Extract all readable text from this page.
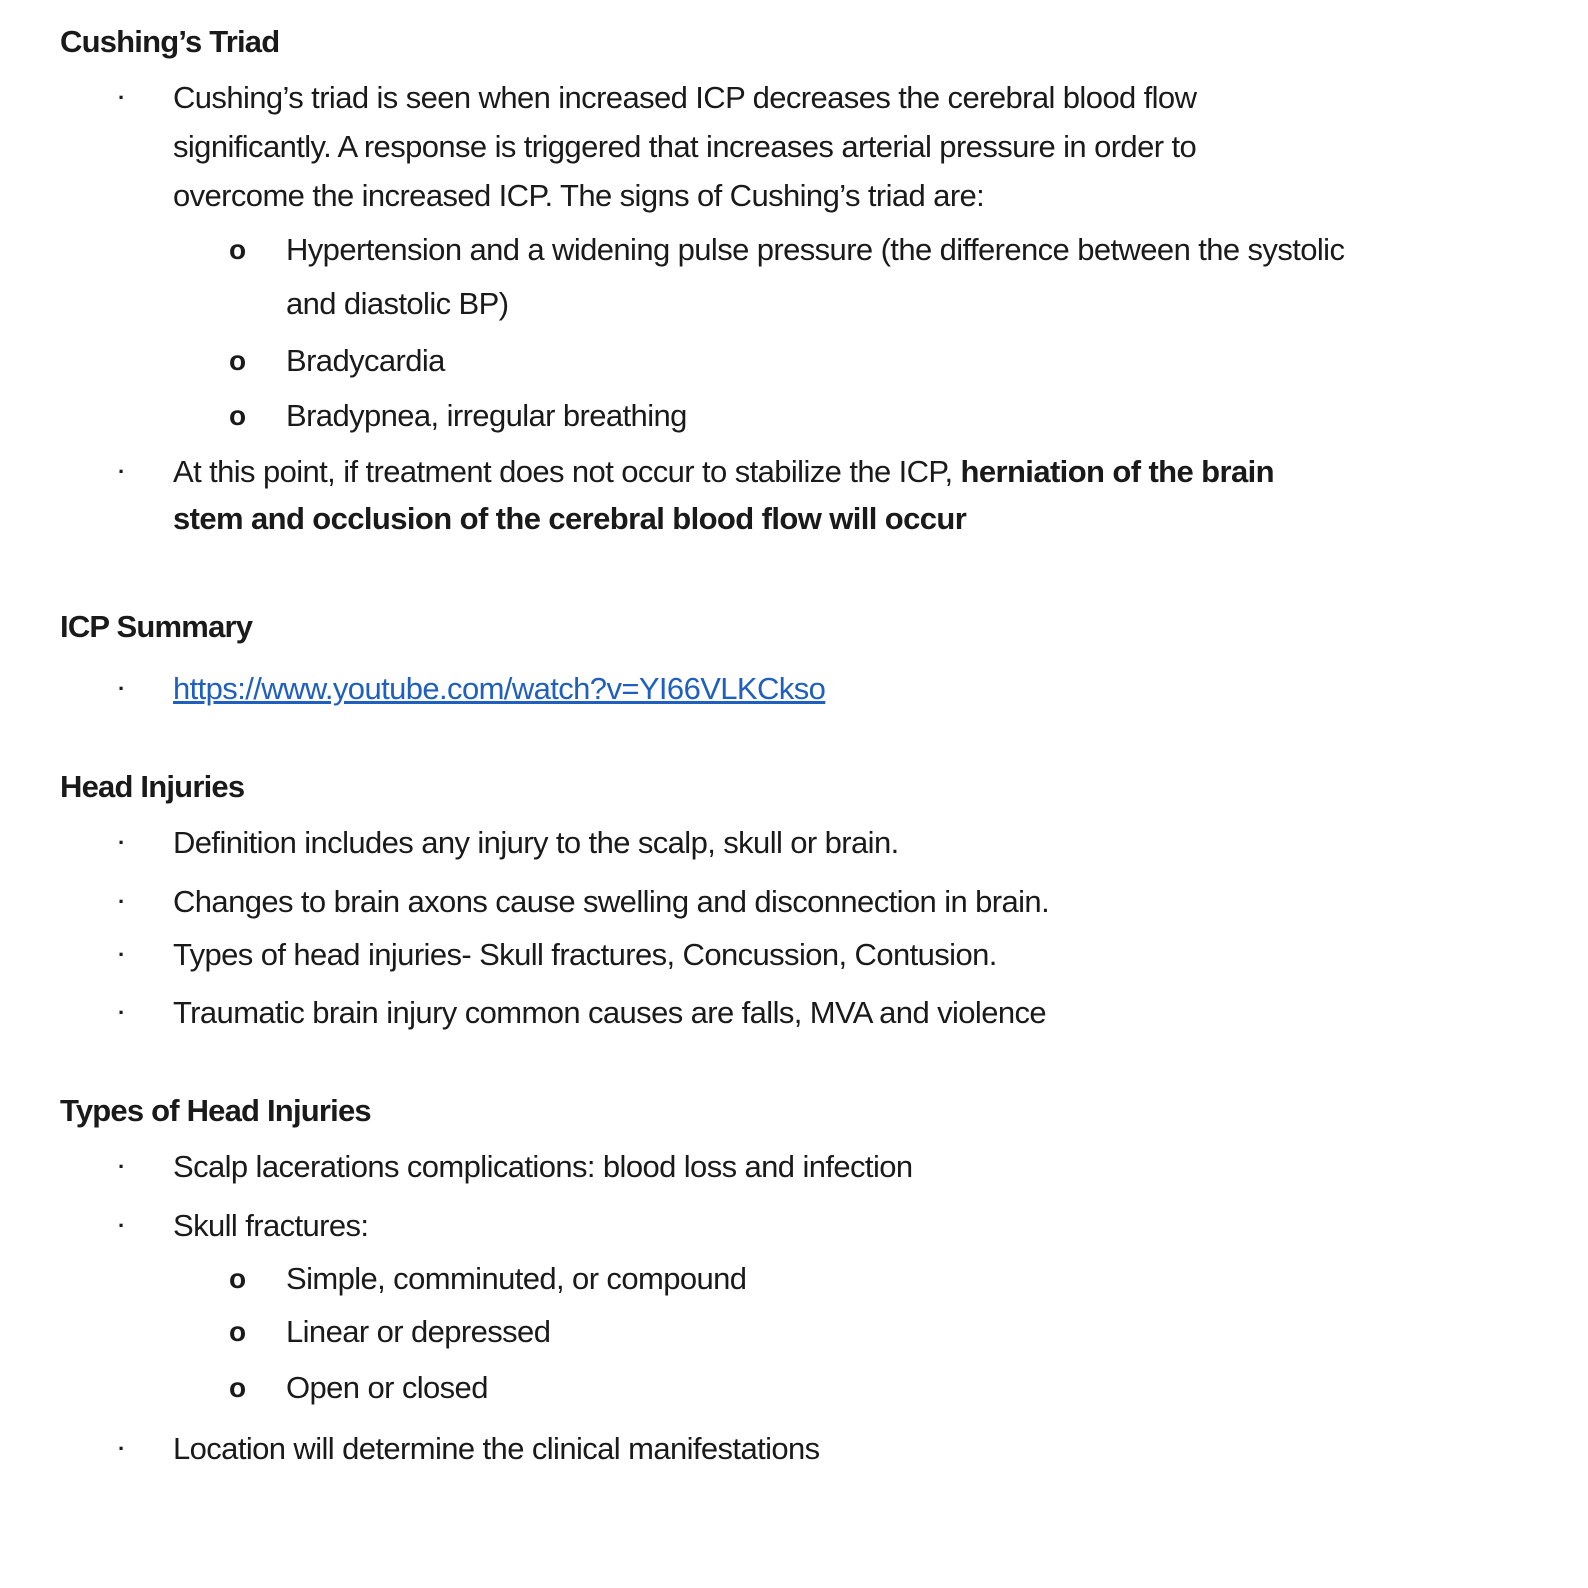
Cushing’s Triad
· Cushing’s triad is seen when increased ICP decreases the cerebral blood flow
significantly. A response is triggered that increases arterial pressure in order to
overcome the increased ICP. The signs of Cushing’s triad are:
o Hypertension and a widening pulse pressure (the difference between the systolic
and diastolic BP)
o Bradycardia
o Bradypnea, irregular breathing
· At this point, if treatment does not occur to stabilize the ICP, herniation of the brain
stem and occlusion of the cerebral blood flow will occur
ICP Summary
· https://www.youtube.com/watch?v=YI66VLKCkso
Head Injuries
· Definition includes any injury to the scalp, skull or brain.
· Changes to brain axons cause swelling and disconnection in brain.
· Types of head injuries- Skull fractures, Concussion, Contusion.
· Traumatic brain injury common causes are falls, MVA and violence
Types of Head Injuries
· Scalp lacerations complications: blood loss and infection
· Skull fractures:
o Simple, comminuted, or compound
o Linear or depressed
o Open or closed
· Location will determine the clinical manifestations
